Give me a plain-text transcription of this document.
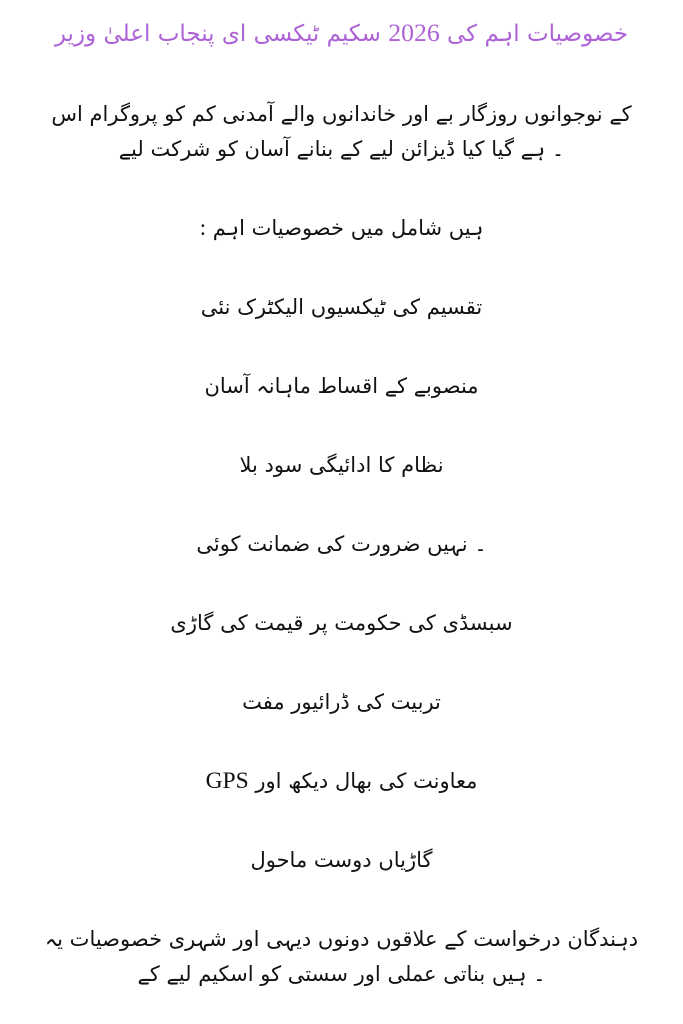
وزیر اعلیٰ پنجاب ای ٹیکسی سکیم 2026 کی اہم خصوصیات

اس پروگرام کو کم آمدنی والے خاندانوں اور بے روزگار نوجوانوں کے لیے شرکت کو آسان بنانے کے لیے ڈیزائن کیا گیا ہے ۔

: اہم خصوصیات میں شامل ہیں

نئی الیکٹرک ٹیکسیوں کی تقسیم

آسان ماہانہ اقساط کے منصوبے

بلا سود ادائیگی کا نظام

کوئی ضمانت کی ضرورت نہیں ۔

گاڑی کی قیمت پر حکومت کی سبسڈی

مفت ڈرائیور کی تربیت

GPS اور دیکھ بھال کی معاونت

ماحول دوست گاڑیاں

یہ خصوصیات شہری اور دیہی دونوں علاقوں کے درخواست دہندگان کے لیے اسکیم کو سستی اور عملی بناتی ہیں ۔
